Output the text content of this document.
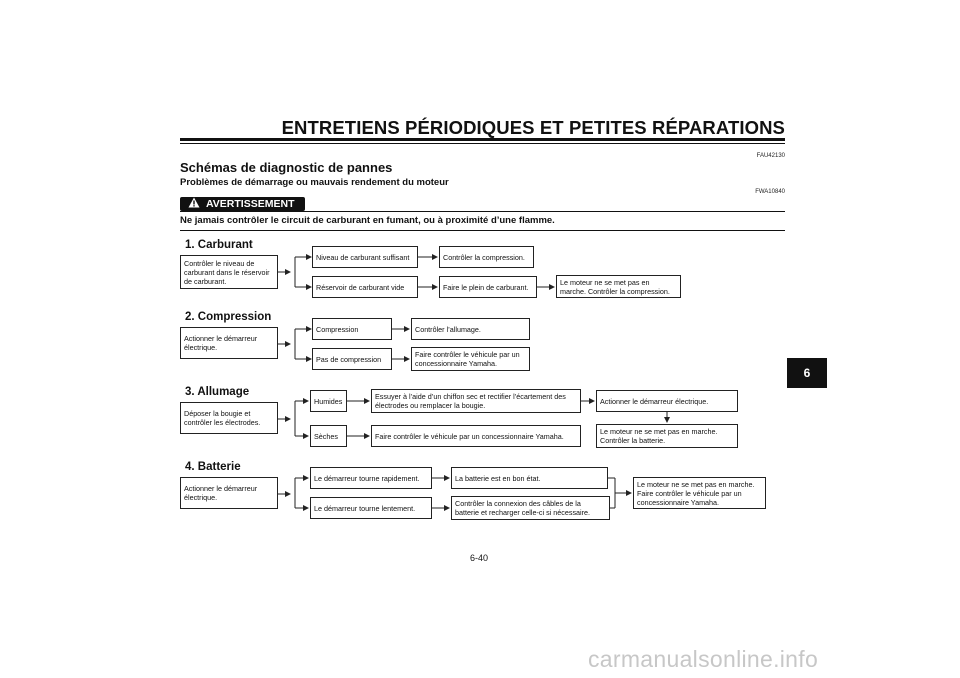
ENTRETIENS PÉRIODIQUES ET PETITES RÉPARATIONS
FAU42130
Schémas de diagnostic de pannes
Problèmes de démarrage ou mauvais rendement du moteur
FWA10840
AVERTISSEMENT
Ne jamais contrôler le circuit de carburant en fumant, ou à proximité d’une flamme.
1. Carburant
Contrôler le niveau de carburant dans le réservoir de carburant.
Niveau de carburant suffisant	Contrôler la compression.
Réservoir de carburant vide	Faire le plein de carburant.
Le moteur ne se met pas en marche. Contrôler la compression.
2. Compression
Actionner le démarreur électrique.
Compression	Contrôler l’allumage.
Pas de compression	Faire contrôler le véhicule par un concessionnaire Yamaha.
3. Allumage
Déposer la bougie et contrôler les électrodes.
Humides	Essuyer à l’aide d’un chiffon sec et rectifier l’écartement des électrodes ou remplacer la bougie.	Actionner le démarreur électrique.
Sèches	Faire contrôler le véhicule par un concessionnaire Yamaha.	Le moteur ne se met pas en marche. Contrôler la batterie.
4. Batterie
Actionner le démarreur électrique.
Le démarreur tourne rapidement.	La batterie est en bon état.
Le démarreur tourne lentement.	Contrôler la connexion des câbles de la batterie et recharger celle-ci si nécessaire.
Le moteur ne se met pas en marche. Faire contrôler le véhicule par un concessionnaire Yamaha.
6
6-40
carmanualsonline.info
